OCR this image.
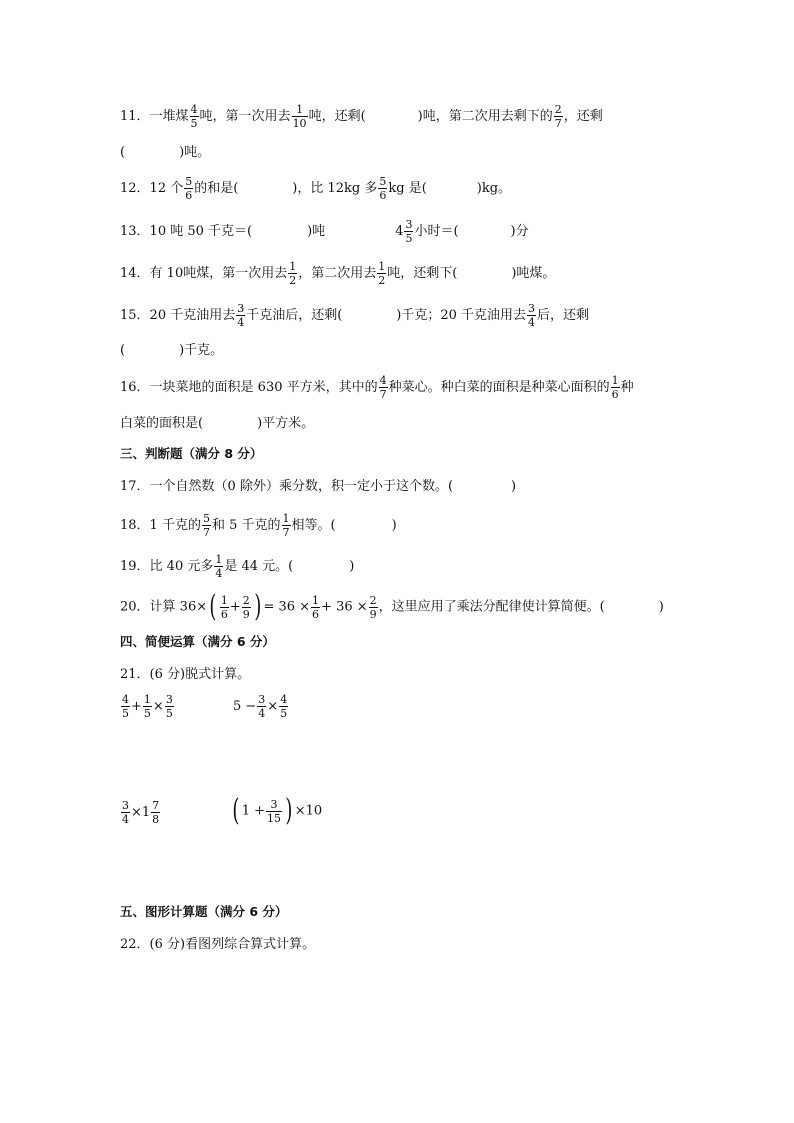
11．一堆煤 $\frac{4}{5}$ 吨，第一次用去 $\frac{1}{10}$ 吨，还剩(	)吨，第二次用去剩下的 $\frac{2}{7}$ ，还剩
(	)吨。
12．12 个 $\frac{5}{6}$ 的和是(	)，比 12kg 多 $\frac{5}{6}$ kg 是(	)kg。
13．10 吨 50 千克＝(	)吨	$4 \frac{3}{5}$ 小时＝(	)分
14．有 10吨煤，第一次用去 $\frac{1}{2}$ ，第二次用去 $\frac{1}{2}$ 吨，还剩下(	)吨煤。
15．20 千克油用去 $\frac{3}{4}$ 千克油后，还剩(	)千克；20 千克油用去 $\frac{3}{4}$ 后，还剩
(	)千克。
16．一块菜地的面积是 630 平方米，其中的 $\frac{4}{7}$ 种菜心。种白菜的面积是种菜心面积的 $\frac{1}{6}$ 种
白菜的面积是(	)平方米。
三、判断题（满分 8 分）
17．一个自然数（0 除外）乘分数，积一定小于这个数。(	)
18．1 千克的 $\frac{5}{7}$ 和 5 千克的 $\frac{1}{7}$ 相等。(	)
19．比 40 元多 $\frac{1}{4}$ 是 44 元。(	)
20．计算 $36\times( \frac{1}{6} + \frac{2}{9}$ ) = $36 \times \frac{1}{6} + 36 \times \frac{2}{9}$ ，这里应用了乘法分配律使计算简便。(	)
四、简便运算（满分 6 分）
21．(6 分)脱式计算。
$\frac{4}{5} + \frac{1}{5} \times \frac{3}{5}$	$5 - \frac{3}{4} \times \frac{4}{5}$
$\frac{3}{4} \times 1 \frac{7}{8}$ ( $1 + \frac{3}{15}$ ) ×10
五、图形计算题（满分 6 分）
22．(6 分)看图列综合算式计算。
